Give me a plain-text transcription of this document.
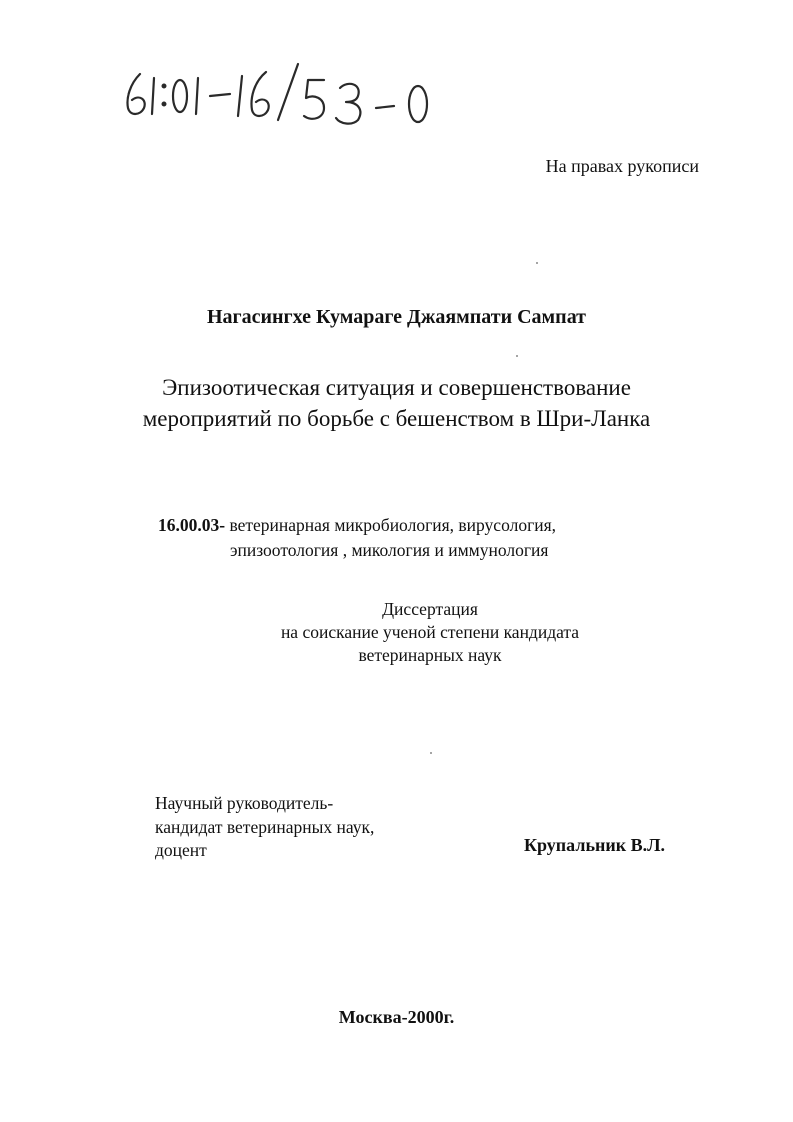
На правах рукописи
Нагасингхе Кумараге Джаямпати Сампат
Эпизоотическая ситуация и совершенствование
мероприятий по борьбе с бешенством в Шри-Ланка
16.00.03- ветеринарная микробиология, вирусология,
эпизоотология , микология и иммунология
Диссертация
на соискание ученой степени кандидата
ветеринарных наук
Научный руководитель-
кандидат ветеринарных наук,
доцент	Крупальник В.Л.
Москва-2000г.
